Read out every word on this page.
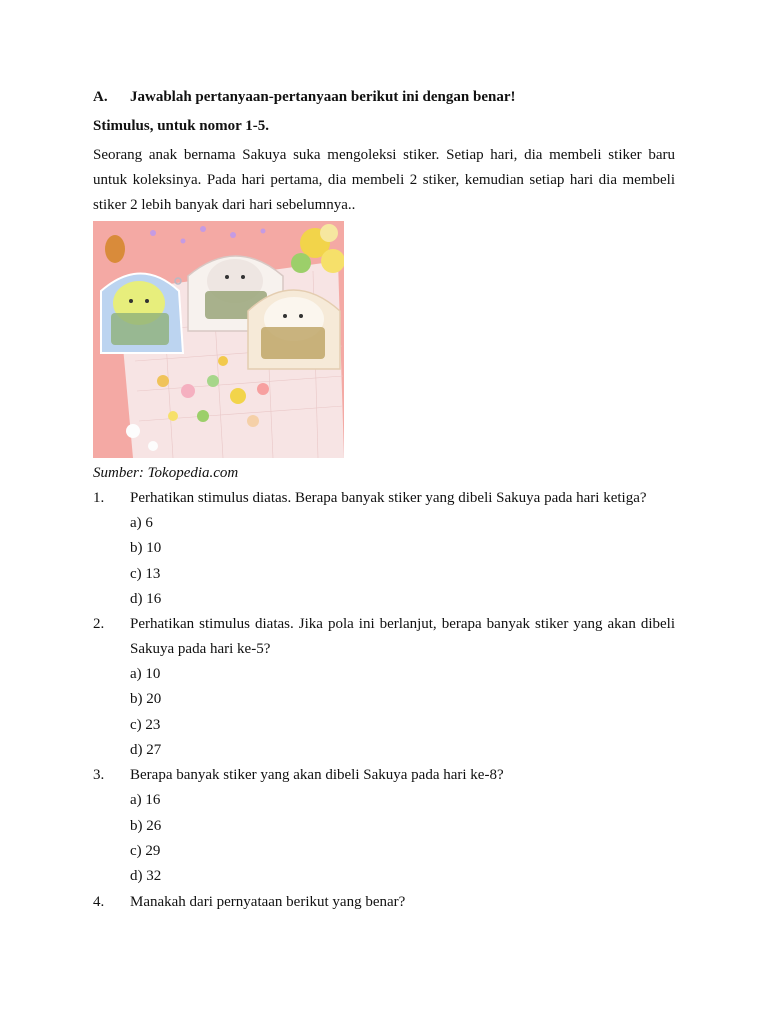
A.	Jawablah pertanyaan-pertanyaan berikut ini dengan benar!
Stimulus, untuk nomor 1-5.
Seorang anak bernama Sakuya suka mengoleksi stiker. Setiap hari, dia membeli stiker baru untuk koleksinya. Pada hari pertama, dia membeli 2 stiker, kemudian setiap hari dia membeli stiker 2 lebih banyak dari hari sebelumnya..
Sumber: Tokopedia.com
1.	Perhatikan stimulus diatas. Berapa banyak stiker yang dibeli Sakuya pada hari ketiga?
a) 6
b) 10
c) 13
d) 16
2.	Perhatikan stimulus diatas. Jika pola ini berlanjut, berapa banyak stiker yang akan dibeli Sakuya pada hari ke-5?
a) 10
b) 20
c) 23
d) 27
3.	Berapa banyak stiker yang akan dibeli Sakuya pada hari ke-8?
a) 16
b) 26
c) 29
d) 32
4.	Manakah dari pernyataan berikut yang benar?
